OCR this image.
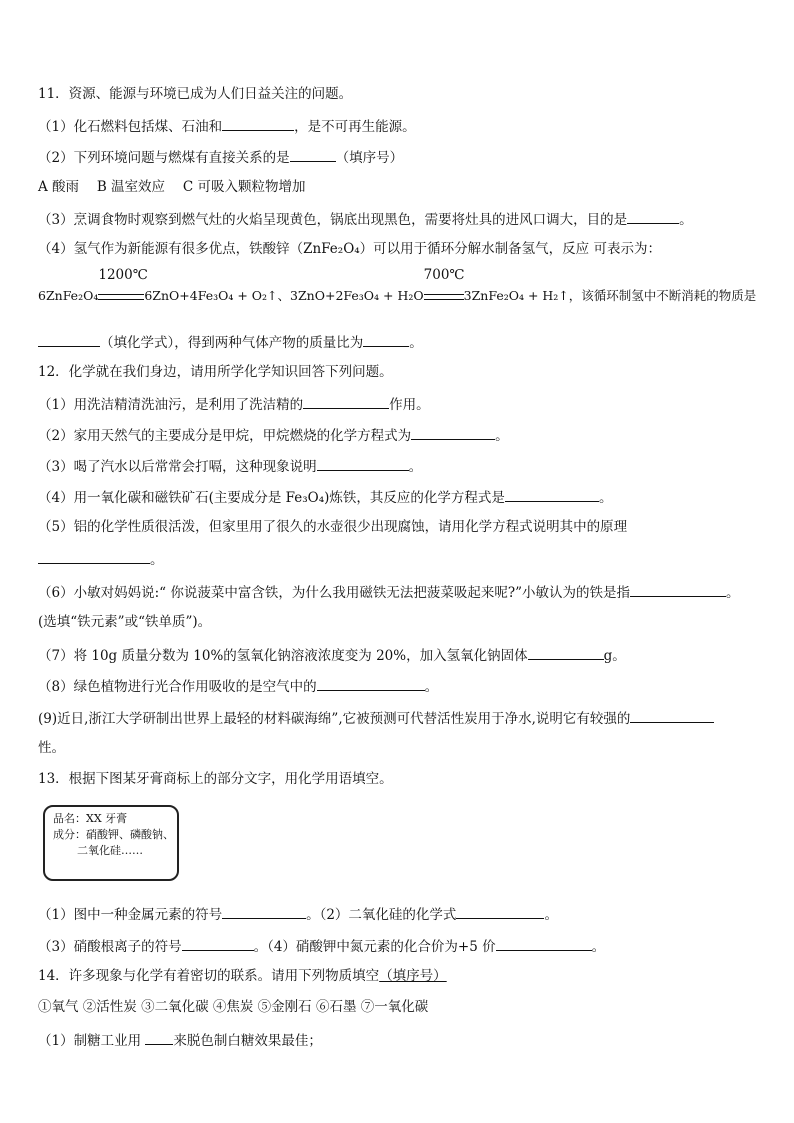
11．资源、能源与环境已成为人们日益关注的问题。
（1）化石燃料包括煤、石油和	，是不可再生能源。
（2）下列环境问题与燃煤有直接关系的是	（填序号）
A 酸雨　 B 温室效应　 C 可吸入颗粒物增加
（3）烹调食物时观察到燃气灶的火焰呈现黄色，锅底出现黑色，需要将灶具的进风口调大，目的是	。
（4）氢气作为新能源有很多优点，铁酸锌（ZnFe₂O₄）可以用于循环分解水制备氢气，反应 可表示为：
6ZnFe₂O₄
1200℃
6ZnO+4Fe₃O₄ + O₂↑、3ZnO+2Fe₃O₄ + H₂O
700℃
3ZnFe₂O₄ + H₂↑，该循环制氢中不断消耗的物质是
（填化学式），得到两种气体产物的质量比为	。
12．化学就在我们身边，请用所学化学知识回答下列问题。
（1）用洗洁精清洗油污，是利用了洗洁精的	作用。
（2）家用天然气的主要成分是甲烷，甲烷燃烧的化学方程式为	。
（3）喝了汽水以后常常会打嗝，这种现象说明	。
（4）用一氧化碳和磁铁矿石(主要成分是 Fe₃O₄)炼铁，其反应的化学方程式是	。
（5）铝的化学性质很活泼，但家里用了很久的水壶很少出现腐蚀，请用化学方程式说明其中的原理
。
（6）小敏对妈妈说:“ 你说菠菜中富含铁，为什么我用磁铁无法把菠菜吸起来呢?”小敏认为的铁是指	。
(选填“铁元素”或“铁单质”)。
（7）将 10g 质量分数为 10%的氢氧化钠溶液浓度变为 20%，加入氢氧化钠固体	g。
（8）绿色植物进行光合作用吸收的是空气中的	。
(9)近日,浙江大学研制出世界上最轻的材料碳海绵”,它被预测可代替活性炭用于净水,说明它有较强的
性。
13．根据下图某牙膏商标上的部分文字，用化学用语填空。
品名：XX 牙膏
成分：硝酸钾、磷酸钠、
二氧化硅……
（1）图中一种金属元素的符号	。（2）二氧化硅的化学式	。
（3）硝酸根离子的符号	。（4）硝酸钾中氮元素的化合价为+5 价	。
14．许多现象与化学有着密切的联系。请用下列物质填空（填序号）
①氧气 ②活性炭 ③二氧化碳 ④焦炭 ⑤金刚石 ⑥石墨 ⑦一氧化碳
（1）制糖工业用 来脱色制白糖效果最佳；
